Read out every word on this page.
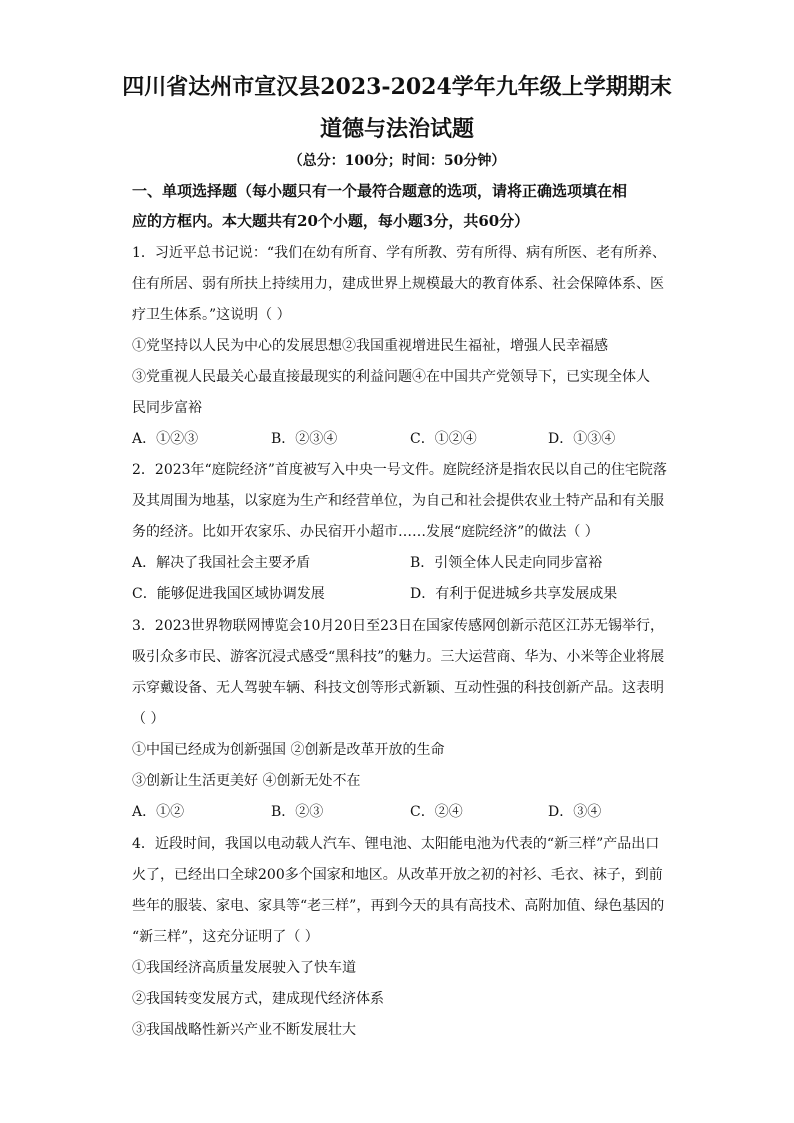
四川省达州市宣汉县2023-2024学年九年级上学期期末
道德与法治试题
（总分：100分；时间：50分钟）
一、单项选择题（每小题只有一个最符合题意的选项，请将正确选项填在相
应的方框内。本大题共有20个小题，每小题3分，共60分）
1．习近平总书记说：“我们在幼有所育、学有所教、劳有所得、病有所医、老有所养、
住有所居、弱有所扶上持续用力，建成世界上规模最大的教育体系、社会保障体系、医
疗卫生体系。”这说明（ ）
①党坚持以人民为中心的发展思想②我国重视增进民生福祉，增强人民幸福感
③党重视人民最关心最直接最现实的利益问题④在中国共产党领导下，已实现全体人
民同步富裕
A．①②③	B．②③④	C．①②④	D．①③④
2．2023年“庭院经济”首度被写入中央一号文件。庭院经济是指农民以自己的住宅院落
及其周围为地基，以家庭为生产和经营单位，为自己和社会提供农业土特产品和有关服
务的经济。比如开农家乐、办民宿开小超市……发展“庭院经济”的做法（ ）
A．解决了我国社会主要矛盾	B．引领全体人民走向同步富裕
C．能够促进我国区域协调发展	D．有利于促进城乡共享发展成果
3．2023世界物联网博览会10月20日至23日在国家传感网创新示范区江苏无锡举行，
吸引众多市民、游客沉浸式感受“黑科技”的魅力。三大运营商、华为、小米等企业将展
示穿戴设备、无人驾驶车辆、科技文创等形式新颖、互动性强的科技创新产品。这表明
（ ）
①中国已经成为创新强国 ②创新是改革开放的生命
③创新让生活更美好 ④创新无处不在
A．①②	B．②③	C．②④	D．③④
4．近段时间，我国以电动载人汽车、锂电池、太阳能电池为代表的“新三样”产品出口
火了，已经出口全球200多个国家和地区。从改革开放之初的衬衫、毛衣、袜子，到前
些年的服装、家电、家具等“老三样”，再到今天的具有高技术、高附加值、绿色基因的
“新三样”，这充分证明了（ ）
①我国经济高质量发展驶入了快车道
②我国转变发展方式，建成现代经济体系
③我国战略性新兴产业不断发展壮大
